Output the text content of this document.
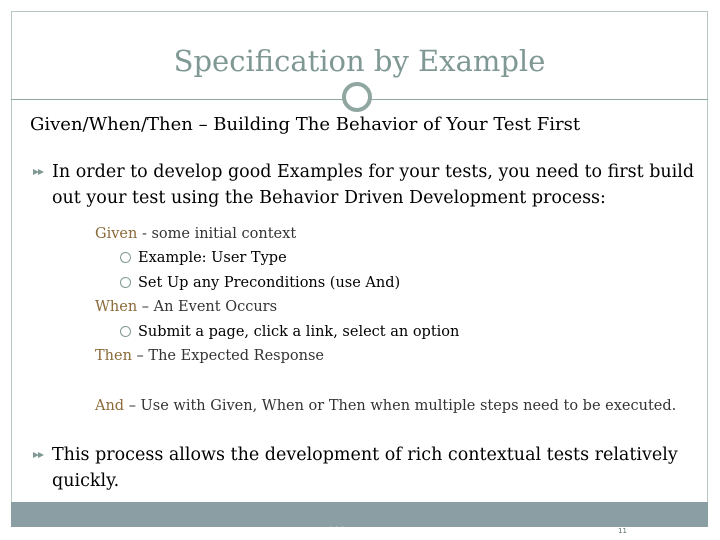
Specification by Example
Given/When/Then – Building The Behavior of Your Test First
In order to develop good Examples for your tests, you need to first build
out your test using the Behavior Driven Development process:
Given - some initial context
Example: User Type
Set Up any Preconditions (use And)
When – An Event Occurs
Submit a page, click a link, select an option
Then – The Expected Response
And – Use with Given, When or Then when multiple steps need to be executed.
This process allows the development of rich contextual tests relatively
quickly.
· · ·	11
